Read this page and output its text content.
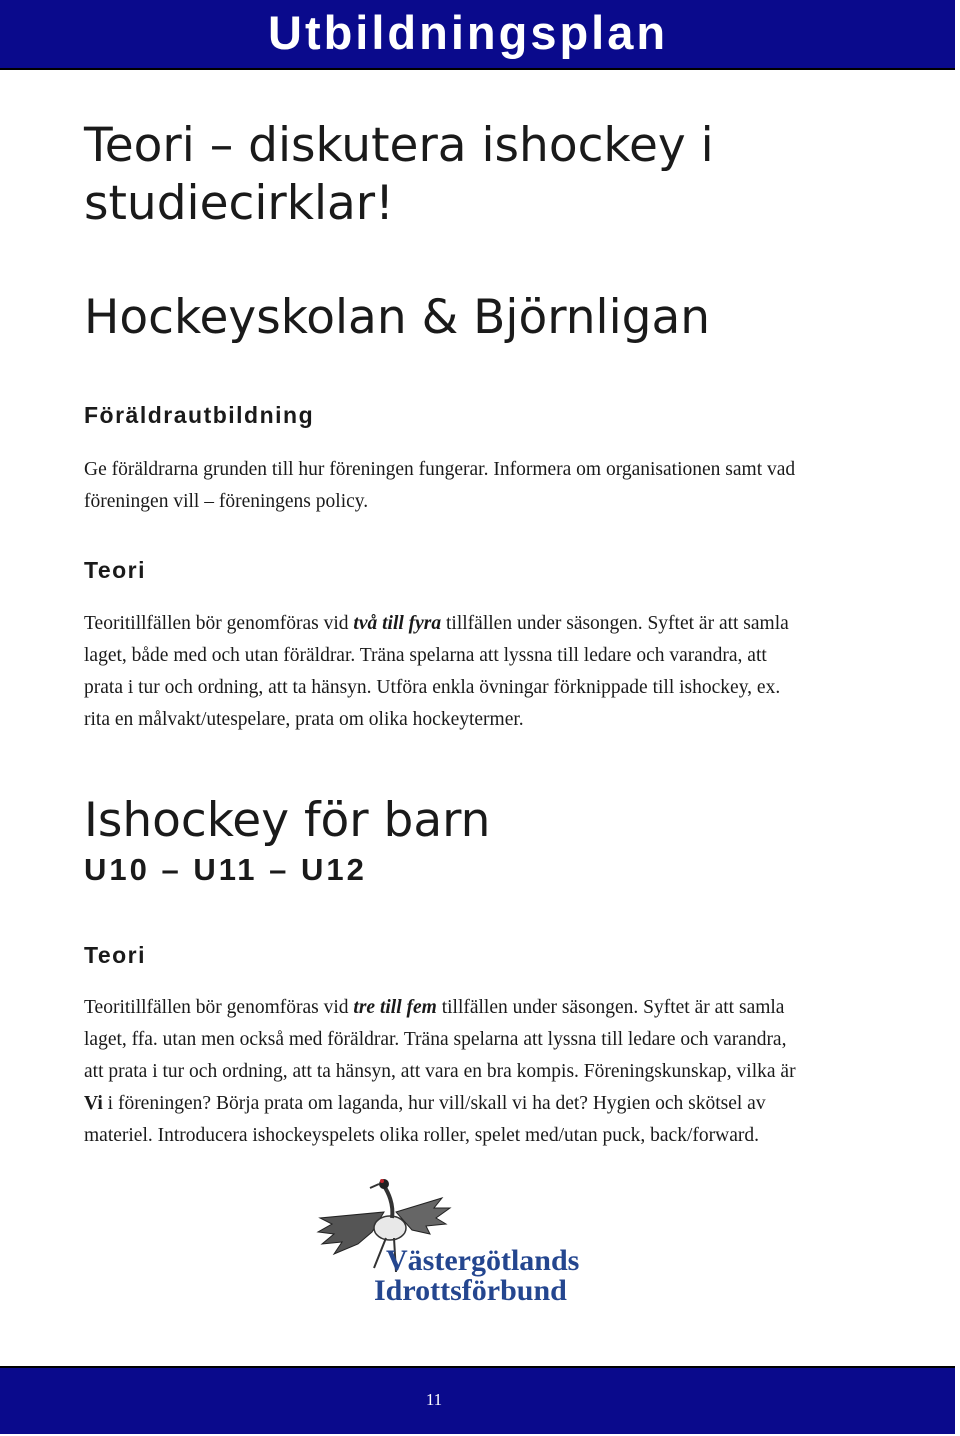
Utbildningsplan
Teori – diskutera ishockey i
studiecirklar!
Hockeyskolan & Björnligan
Föräldrautbildning
Ge föräldrarna grunden till hur föreningen fungerar. Informera om organisationen samt vad
föreningen vill – föreningens policy.
Teori
Teoritillfällen bör genomföras vid två till fyra tillfällen under säsongen. Syftet är att samla
laget, både med och utan föräldrar. Träna spelarna att lyssna till ledare och varandra, att
prata i tur och ordning, att ta hänsyn. Utföra enkla övningar förknippade till ishockey, ex.
rita en målvakt/utespelare, prata om olika hockeytermer.
Ishockey för barn
U10 – U11 – U12
Teori
Teoritillfällen bör genomföras vid tre till fem tillfällen under säsongen. Syftet är att samla
laget, ffa. utan men också med föräldrar. Träna spelarna att lyssna till ledare och varandra,
att prata i tur och ordning, att ta hänsyn, att vara en bra kompis. Föreningskunskap, vilka är
Vi i föreningen? Börja prata om laganda, hur vill/skall vi ha det? Hygien och skötsel av
materiel. Introducera ishockeyspelets olika roller, spelet med/utan puck, back/forward.
Västergötlands
Idrottsförbund
11
